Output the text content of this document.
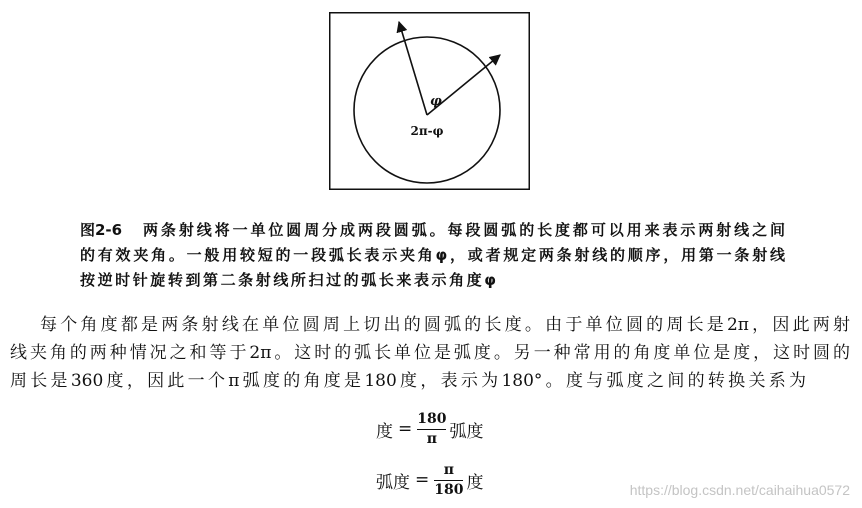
φ
2π-φ
图2-6 两条射线将一单位圆周分成两段圆弧。每段圆弧的长度都可以用来表示两射线之间
的有效夹角。一般用较短的一段弧长表示夹角φ，或者规定两条射线的顺序，用第一条射线
按逆时针旋转到第二条射线所扫过的弧长来表示角度φ
每个角度都是两条射线在单位圆周上切出的圆弧的长度。由于单位圆的周长是2π，因此两射
线夹角的两种情况之和等于2π。这时的弧长单位是弧度。另一种常用的角度单位是度，这时圆的
周长是360度，因此一个π弧度的角度是180度，表示为180°。度与弧度之间的转换关系为
度 = $\frac{180}{\pi}$ 弧度
弧度 = $\frac{\pi}{180}$ 度	https://blog.csdn.net/caihaihua0572
